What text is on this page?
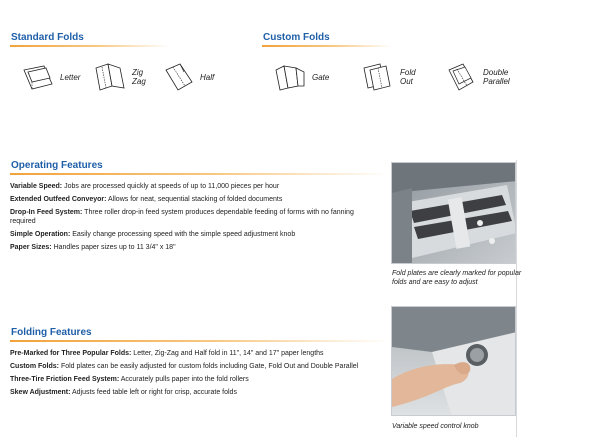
Standard Folds
Letter	Zig
Zag	Half
Custom Folds
Gate	Fold
Out
Double
Parallel
Operating Features
Variable Speed: Jobs are processed quickly at speeds of up to 11,000 pieces per hour
Extended Outfeed Conveyor: Allows for neat, sequential stacking of folded documents
Drop-In Feed System: Three roller drop-in feed system produces dependable feeding of forms with no fanning required
Simple Operation: Easily change processing speed with the simple speed adjustment knob
Paper Sizes: Handles paper sizes up to 11 3/4" x 18"
Folding Features
Pre-Marked for Three Popular Folds: Letter, Zig-Zag and Half fold in 11", 14" and 17" paper lengths
Custom Folds: Fold plates can be easily adjusted for custom folds including Gate, Fold Out and Double Parallel
Three-Tire Friction Feed System: Accurately pulls paper into the fold rollers
Skew Adjustment: Adjusts feed table left or right for crisp, accurate folds
Fold plates are clearly marked for popular folds and are easy to adjust
Variable speed control knob
